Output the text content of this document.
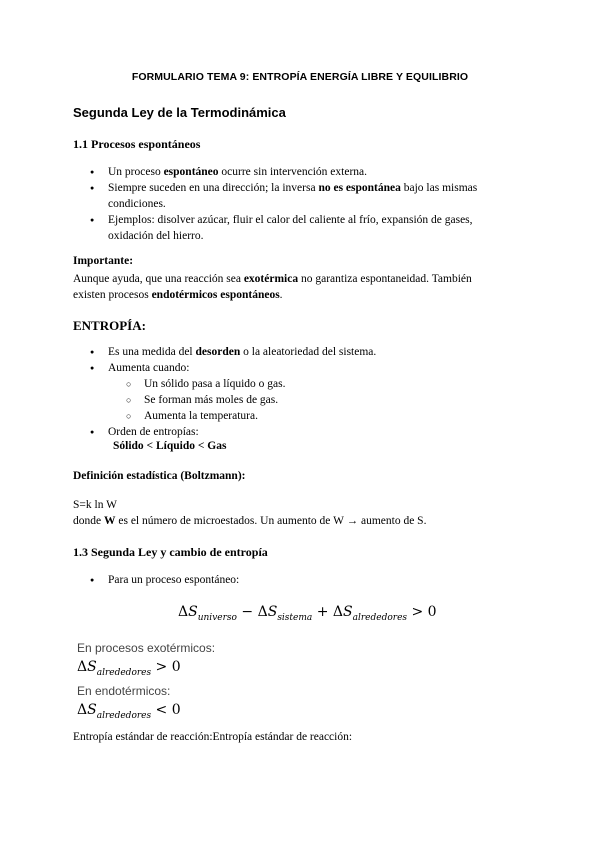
FORMULARIO TEMA 9: ENTROPÍA ENERGÍA LIBRE Y EQUILIBRIO
Segunda Ley de la Termodinámica
1.1 Procesos espontáneos
● Un proceso espontáneo ocurre sin intervención externa.
● Siempre suceden en una dirección; la inversa no es espontánea bajo las mismas condiciones.
● Ejemplos: disolver azúcar, fluir el calor del caliente al frío, expansión de gases, oxidación del hierro.
Importante:
Aunque ayuda, que una reacción sea exotérmica no garantiza espontaneidad. También
existen procesos endotérmicos espontáneos.
ENTROPÍA:
● Es una medida del desorden o la aleatoriedad del sistema.
● Aumenta cuando:
○ Un sólido pasa a líquido o gas.
○ Se forman más moles de gas.
○ Aumenta la temperatura.
● Orden de entropías:
Sólido < Líquido < Gas
Definición estadística (Boltzmann):
S=k ln W
donde W es el número de microestados. Un aumento de W → aumento de S.
1.3 Segunda Ley y cambio de entropía
● Para un proceso espontáneo:
$\Delta S_{universo} - \Delta S_{sistema} + \Delta S_{alrededores} > 0$
En procesos exotérmicos:
$\Delta S_{alrededores} > 0$
En endotérmicos:
$\Delta S_{alrededores} < 0$
Entropía estándar de reacción:Entropía estándar de reacción:
